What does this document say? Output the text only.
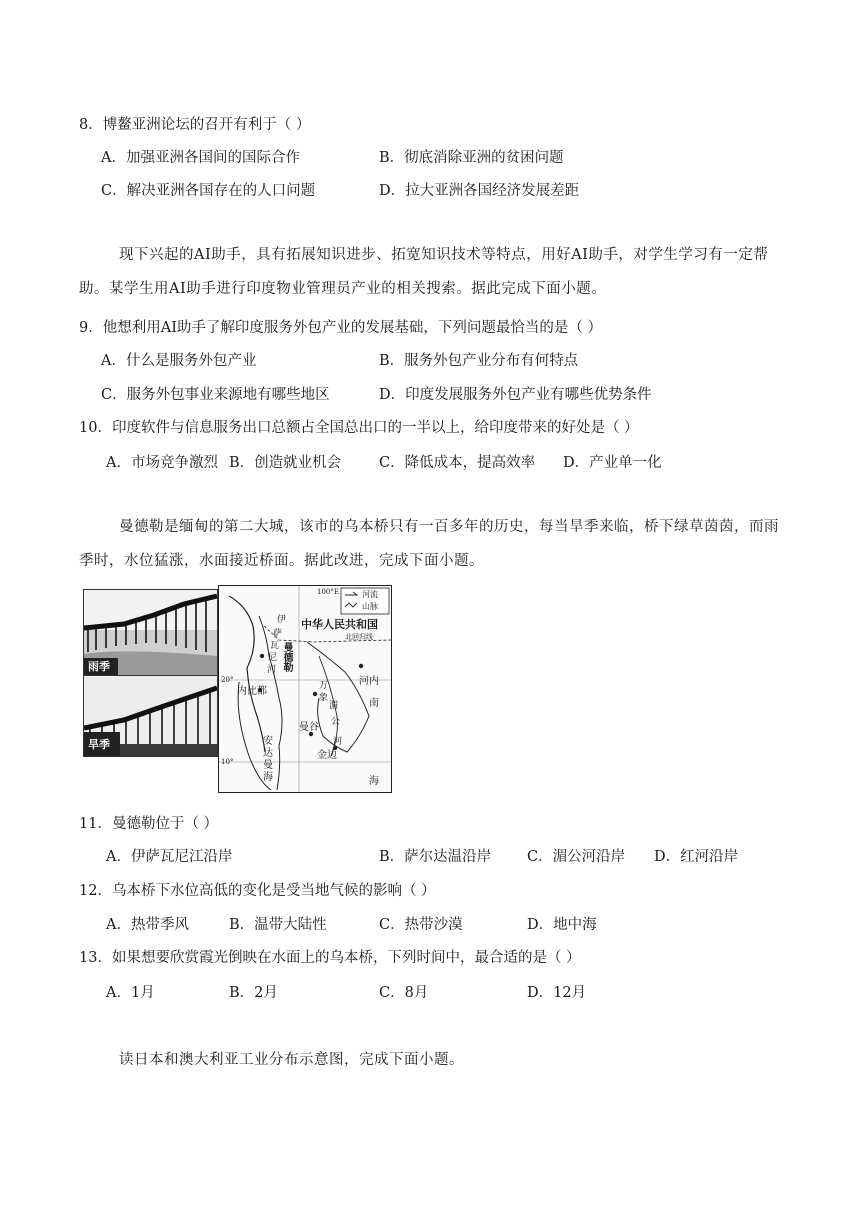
8．博鳌亚洲论坛的召开有利于（ ）
A．加强亚洲各国间的国际合作	B．彻底消除亚洲的贫困问题
C．解决亚洲各国存在的人口问题	D．拉大亚洲各国经济发展差距
现下兴起的AI助手，具有拓展知识进步、拓宽知识技术等特点，用好AI助手，对学生学习有一定帮助。某学生用AI助手进行印度物业管理员产业的相关搜索。据此完成下面小题。
9．他想利用AI助手了解印度服务外包产业的发展基础，下列问题最恰当的是（ ）
A．什么是服务外包产业	B．服务外包产业分布有何特点
C．服务外包事业来源地有哪些地区	D．印度发展服务外包产业有哪些优势条件
10．印度软件与信息服务出口总额占全国总出口的一半以上，给印度带来的好处是（ ）
A．市场竞争激烈 B．创造就业机会	C．降低成本，提高效率 D．产业单一化
曼德勒是缅甸的第二大城，该市的乌本桥只有一百多年的历史，每当旱季来临，桥下绿草茵茵，而雨季时，水位猛涨，水面接近桥面。据此改进，完成下面小题。
雨季
旱季
100°E	河流
山脉
中华人民共和国
北回归线
20°
10°
伊
萨
瓦
尼
河 曼德勒
河内
内比都	万
象
湄
公
曼谷
河
金边
安达曼海
南
海
11．曼德勒位于（ ）
A．伊萨瓦尼江沿岸	B．萨尔达温沿岸 C．湄公河沿岸 D．红河沿岸
12．乌本桥下水位高低的变化是受当地气候的影响（ ）
A．热带季风	B．温带大陆性	C．热带沙漠	D．地中海
13．如果想要欣赏霞光倒映在水面上的乌本桥，下列时间中，最合适的是（ ）
A．1月	B．2月	C．8月	D．12月
读日本和澳大利亚工业分布示意图，完成下面小题。
